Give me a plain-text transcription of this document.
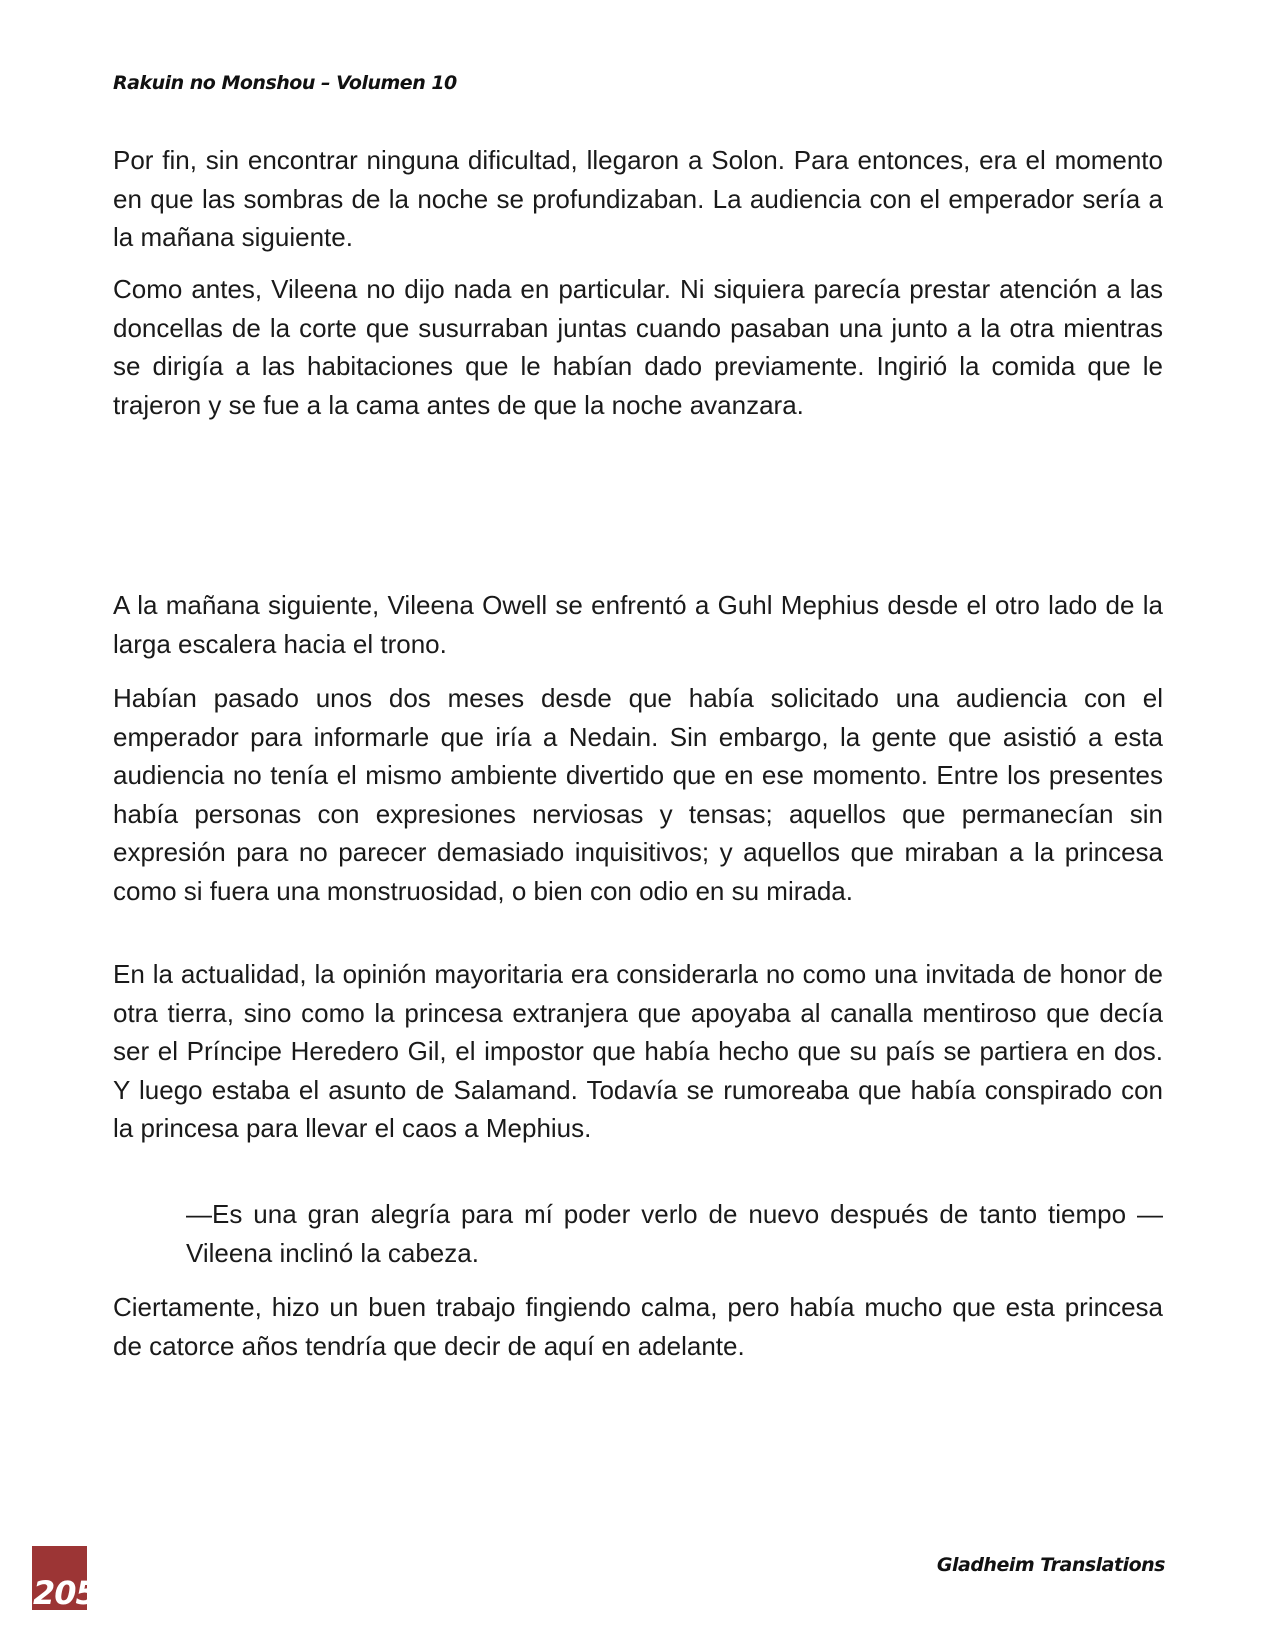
Rakuin no Monshou – Volumen 10

Por fin, sin encontrar ninguna dificultad, llegaron a Solon. Para entonces, era el momento en que las sombras de la noche se profundizaban. La audiencia con el emperador sería a la mañana siguiente.

Como antes, Vileena no dijo nada en particular. Ni siquiera parecía prestar atención a las doncellas de la corte que susurraban juntas cuando pasaban una junto a la otra mientras se dirigía a las habitaciones que le habían dado previamente. Ingirió la comida que le trajeron y se fue a la cama antes de que la noche avanzara.

A la mañana siguiente, Vileena Owell se enfrentó a Guhl Mephius desde el otro lado de la larga escalera hacia el trono.

Habían pasado unos dos meses desde que había solicitado una audiencia con el emperador para informarle que iría a Nedain. Sin embargo, la gente que asistió a esta audiencia no tenía el mismo ambiente divertido que en ese momento. Entre los presentes había personas con expresiones nerviosas y tensas; aquellos que permanecían sin expresión para no parecer demasiado inquisitivos; y aquellos que miraban a la princesa como si fuera una monstruosidad, o bien con odio en su mirada.

En la actualidad, la opinión mayoritaria era considerarla no como una invitada de honor de otra tierra, sino como la princesa extranjera que apoyaba al canalla mentiroso que decía ser el Príncipe Heredero Gil, el impostor que había hecho que su país se partiera en dos. Y luego estaba el asunto de Salamand. Todavía se rumoreaba que había conspirado con la princesa para llevar el caos a Mephius.

—Es una gran alegría para mí poder verlo de nuevo después de tanto tiempo —Vileena inclinó la cabeza.

Ciertamente, hizo un buen trabajo fingiendo calma, pero había mucho que esta princesa de catorce años tendría que decir de aquí en adelante.

205
Gladheim Translations
